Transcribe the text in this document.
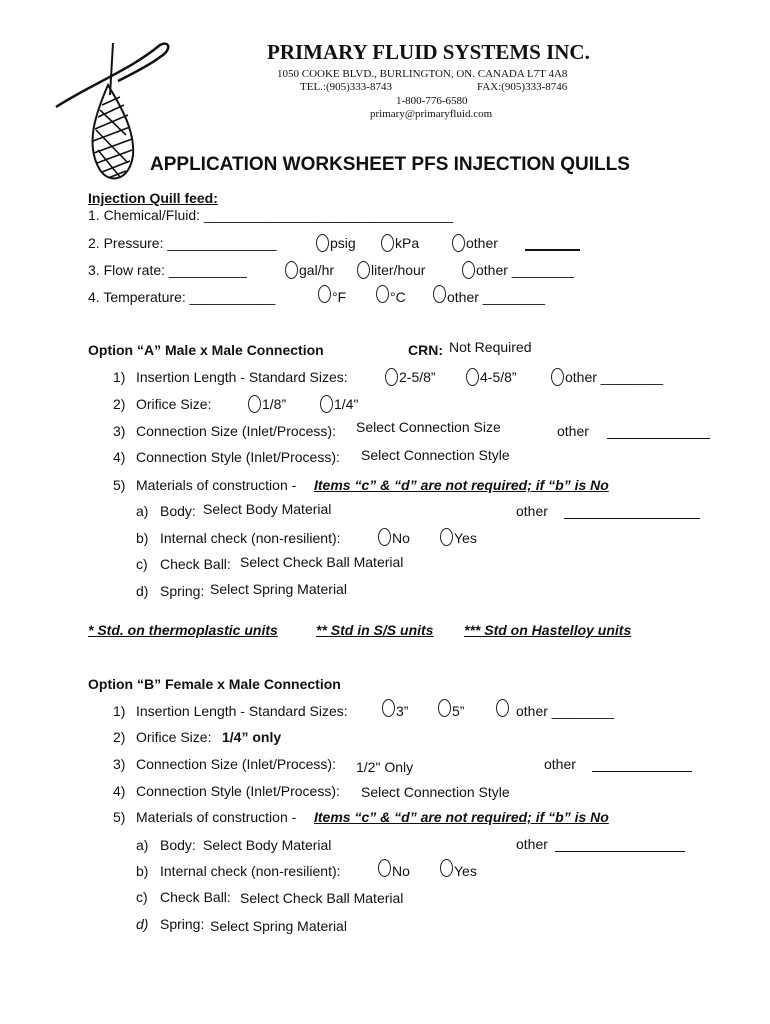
PRIMARY FLUID SYSTEMS INC.
1050 COOKE BLVD., BURLINGTON, ON. CANADA L7T 4A8
TEL.:(905)333-8743	FAX:(905)333-8746
1-800-776-6580
primary@primaryfluid.com
APPLICATION WORKSHEET PFS INJECTION QUILLS
Injection Quill feed:
1. Chemical/Fluid: ________________________________
2. Pressure: ______________	psig	kPa	other
3. Flow rate: __________	gal/hr	liter/hour	other ________
4. Temperature: ___________	°F	°C	other ________
Option “A” Male x Male Connection	CRN: Not Required
1) Insertion Length - Standard Sizes:	2-5/8”	4-5/8”	other ________
2) Orifice Size:	1/8”	1/4"
3) Connection Size (Inlet/Process): Select Connection Size	other
4) Connection Style (Inlet/Process): Select Connection Style
5) Materials of construction - Items “c” & “d” are not required; if “b” is No
a) Body: Select Body Material	other
b) Internal check (non-resilient):	No	Yes
c) Check Ball: Select Check Ball Material
d) Spring: Select Spring Material
* Std. on thermoplastic units	** Std in S/S units *** Std on Hastelloy units
Option “B” Female x Male Connection
1) Insertion Length - Standard Sizes:	3”	5”	other ________
2) Orifice Size: 1/4” only
3) Connection Size (Inlet/Process): 1/2" Only	other
4) Connection Style (Inlet/Process): Select Connection Style
5) Materials of construction - Items “c” & “d” are not required; if “b” is No
a) Body: Select Body Material	other
b) Internal check (non-resilient):	No	Yes
c) Check Ball: Select Check Ball Material
d) Spring: Select Spring Material
